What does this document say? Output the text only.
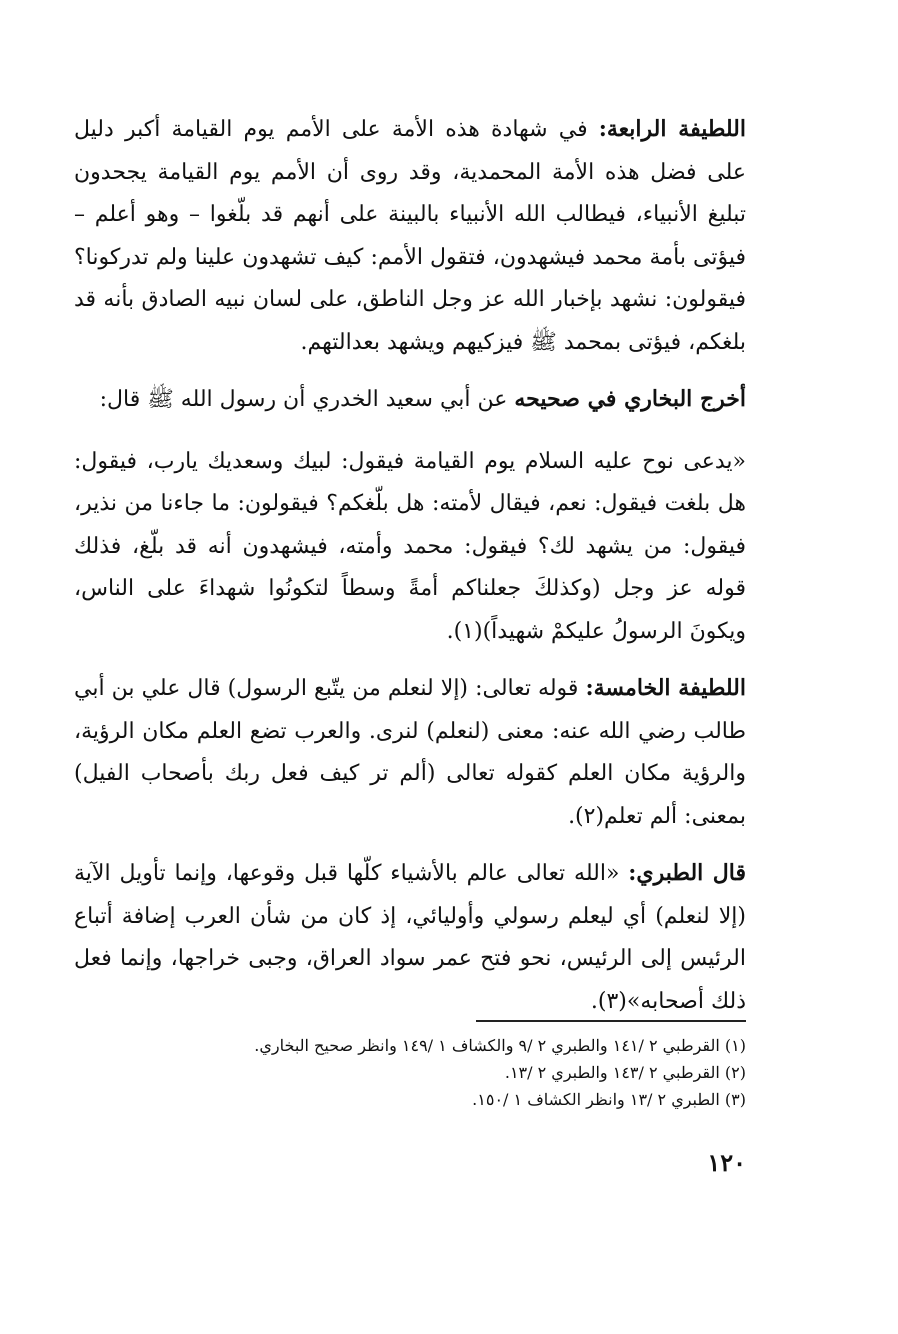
اللطيفة الرابعة: في شهادة هذه الأمة على الأمم يوم القيامة أكبر دليل على فضل هذه الأمة المحمدية، وقد روى أن الأمم يوم القيامة يجحدون تبليغ الأنبياء، فيطالب الله الأنبياء بالبينة على أنهم قد بلّغوا – وهو أعلم – فيؤتى بأمة محمد فيشهدون، فتقول الأمم: كيف تشهدون علينا ولم تدركونا؟ فيقولون: نشهد بإخبار الله عز وجل الناطق، على لسان نبيه الصادق بأنه قد بلغكم، فيؤتى بمحمد ﷺ فيزكيهم ويشهد بعدالتهم.

أخرج البخاري في صحيحه عن أبي سعيد الخدري أن رسول الله ﷺ قال:

«يدعى نوح عليه السلام يوم القيامة فيقول: لبيك وسعديك يارب، فيقول: هل بلغت فيقول: نعم، فيقال لأمته: هل بلّغكم؟ فيقولون: ما جاءنا من نذير، فيقول: من يشهد لك؟ فيقول: محمد وأمته، فيشهدون أنه قد بلّغ، فذلك قوله عز وجل (وكذلكَ جعلناكم أمةً وسطاً لتكونُوا شهداءَ على الناس، ويكونَ الرسولُ عليكمْ شهيداً)(١).

اللطيفة الخامسة: قوله تعالى: (إلا لنعلم من يتّبع الرسول) قال علي بن أبي طالب رضي الله عنه: معنى (لنعلم) لنرى. والعرب تضع العلم مكان الرؤية، والرؤية مكان العلم كقوله تعالى (ألم تر كيف فعل ربك بأصحاب الفيل) بمعنى: ألم تعلم(٢).

قال الطبري: «الله تعالى عالم بالأشياء كلّها قبل وقوعها، وإنما تأويل الآية (إلا لنعلم) أي ليعلم رسولي وأوليائي، إذ كان من شأن العرب إضافة أتباع الرئيس إلى الرئيس، نحو فتح عمر سواد العراق، وجبى خراجها، وإنما فعل ذلك أصحابه»(٣).

(١) القرطبي ٢ /١٤١ والطبري ٢ /٩ والكشاف ١ /١٤٩ وانظر صحيح البخاري.

(٢) القرطبي ٢ /١٤٣ والطبري ٢ /١٣.

(٣) الطبري ٢ /١٣ وانظر الكشاف ١ /١٥٠.

١٢٠
